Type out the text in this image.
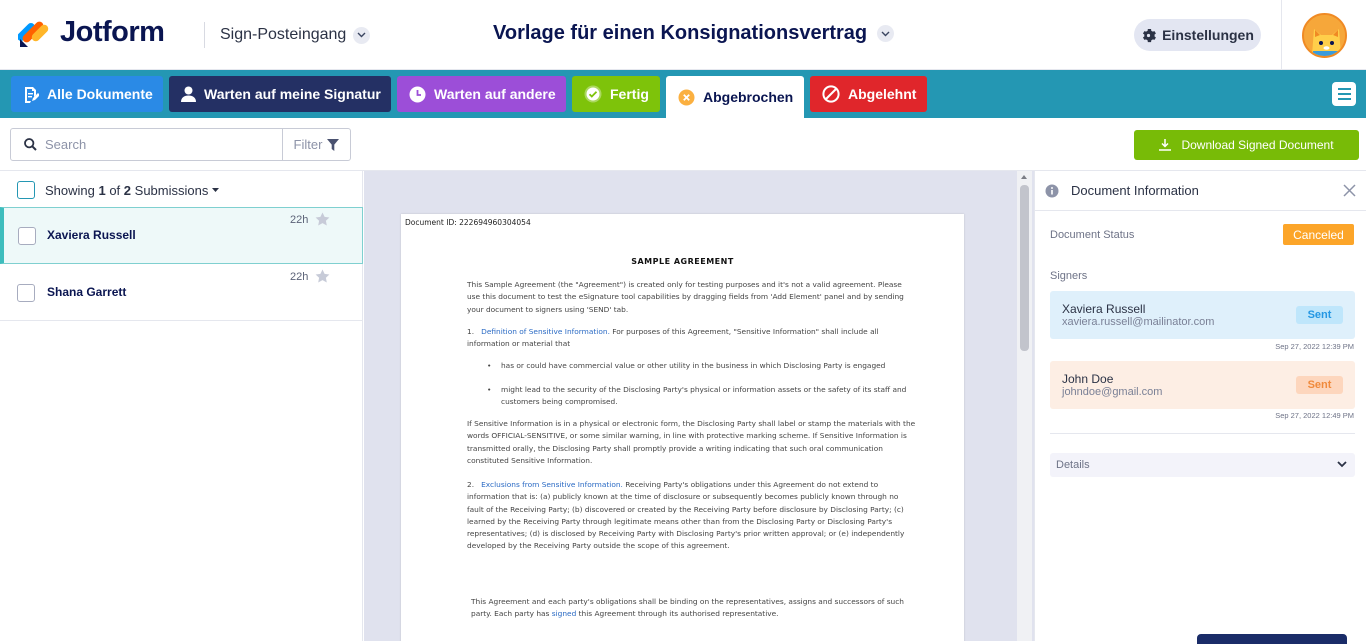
Jotform	Sign-Posteingang	Vorlage für einen Konsignationsvertrag	Einstellungen
Alle Dokumente	Warten auf meine Signatur	Warten auf andere	Fertig	Abgebrochen	Abgelehnt
Search
Filter	Download Signed Document
Showing 1 of 2 Submissions
Xaviera Russell
22h
Shana Garrett
22h
Document ID: 222694960304054
SAMPLE AGREEMENT
This Sample Agreement (the "Agreement") is created only for testing purposes and it's not a valid agreement. Please use this document to test the eSignature tool capabilities by dragging fields from 'Add Element' panel and by sending your document to signers using 'SEND' tab.
1. Definition of Sensitive Information. For purposes of this Agreement, "Sensitive Information" shall include all information or material that
• has or could have commercial value or other utility in the business in which Disclosing Party is engaged
• might lead to the security of the Disclosing Party's physical or information assets or the safety of its staff and customers being compromised.
If Sensitive Information is in a physical or electronic form, the Disclosing Party shall label or stamp the materials with the words OFFICIAL-SENSITIVE, or some similar warning, in line with protective marking scheme. If Sensitive Information is transmitted orally, the Disclosing Party shall promptly provide a writing indicating that such oral communication constituted Sensitive Information.
2. Exclusions from Sensitive Information. Receiving Party's obligations under this Agreement do not extend to information that is: (a) publicly known at the time of disclosure or subsequently becomes publicly known through no fault of the Receiving Party; (b) discovered or created by the Receiving Party before disclosure by Disclosing Party; (c) learned by the Receiving Party through legitimate means other than from the Disclosing Party or Disclosing Party's representatives; (d) is disclosed by Receiving Party with Disclosing Party's prior written approval; or (e) independently developed by the Receiving Party outside the scope of this agreement.
This Agreement and each party's obligations shall be binding on the representatives, assigns and successors of such party. Each party has signed this Agreement through its authorised representative.
Document Information
Document Status	Canceled
Signers
Xaviera Russell
xaviera.russell@mailinator.com
Sent
Sep 27, 2022 12:39 PM
John Doe
johndoe@gmail.com
Sent
Sep 27, 2022 12:49 PM
Details
